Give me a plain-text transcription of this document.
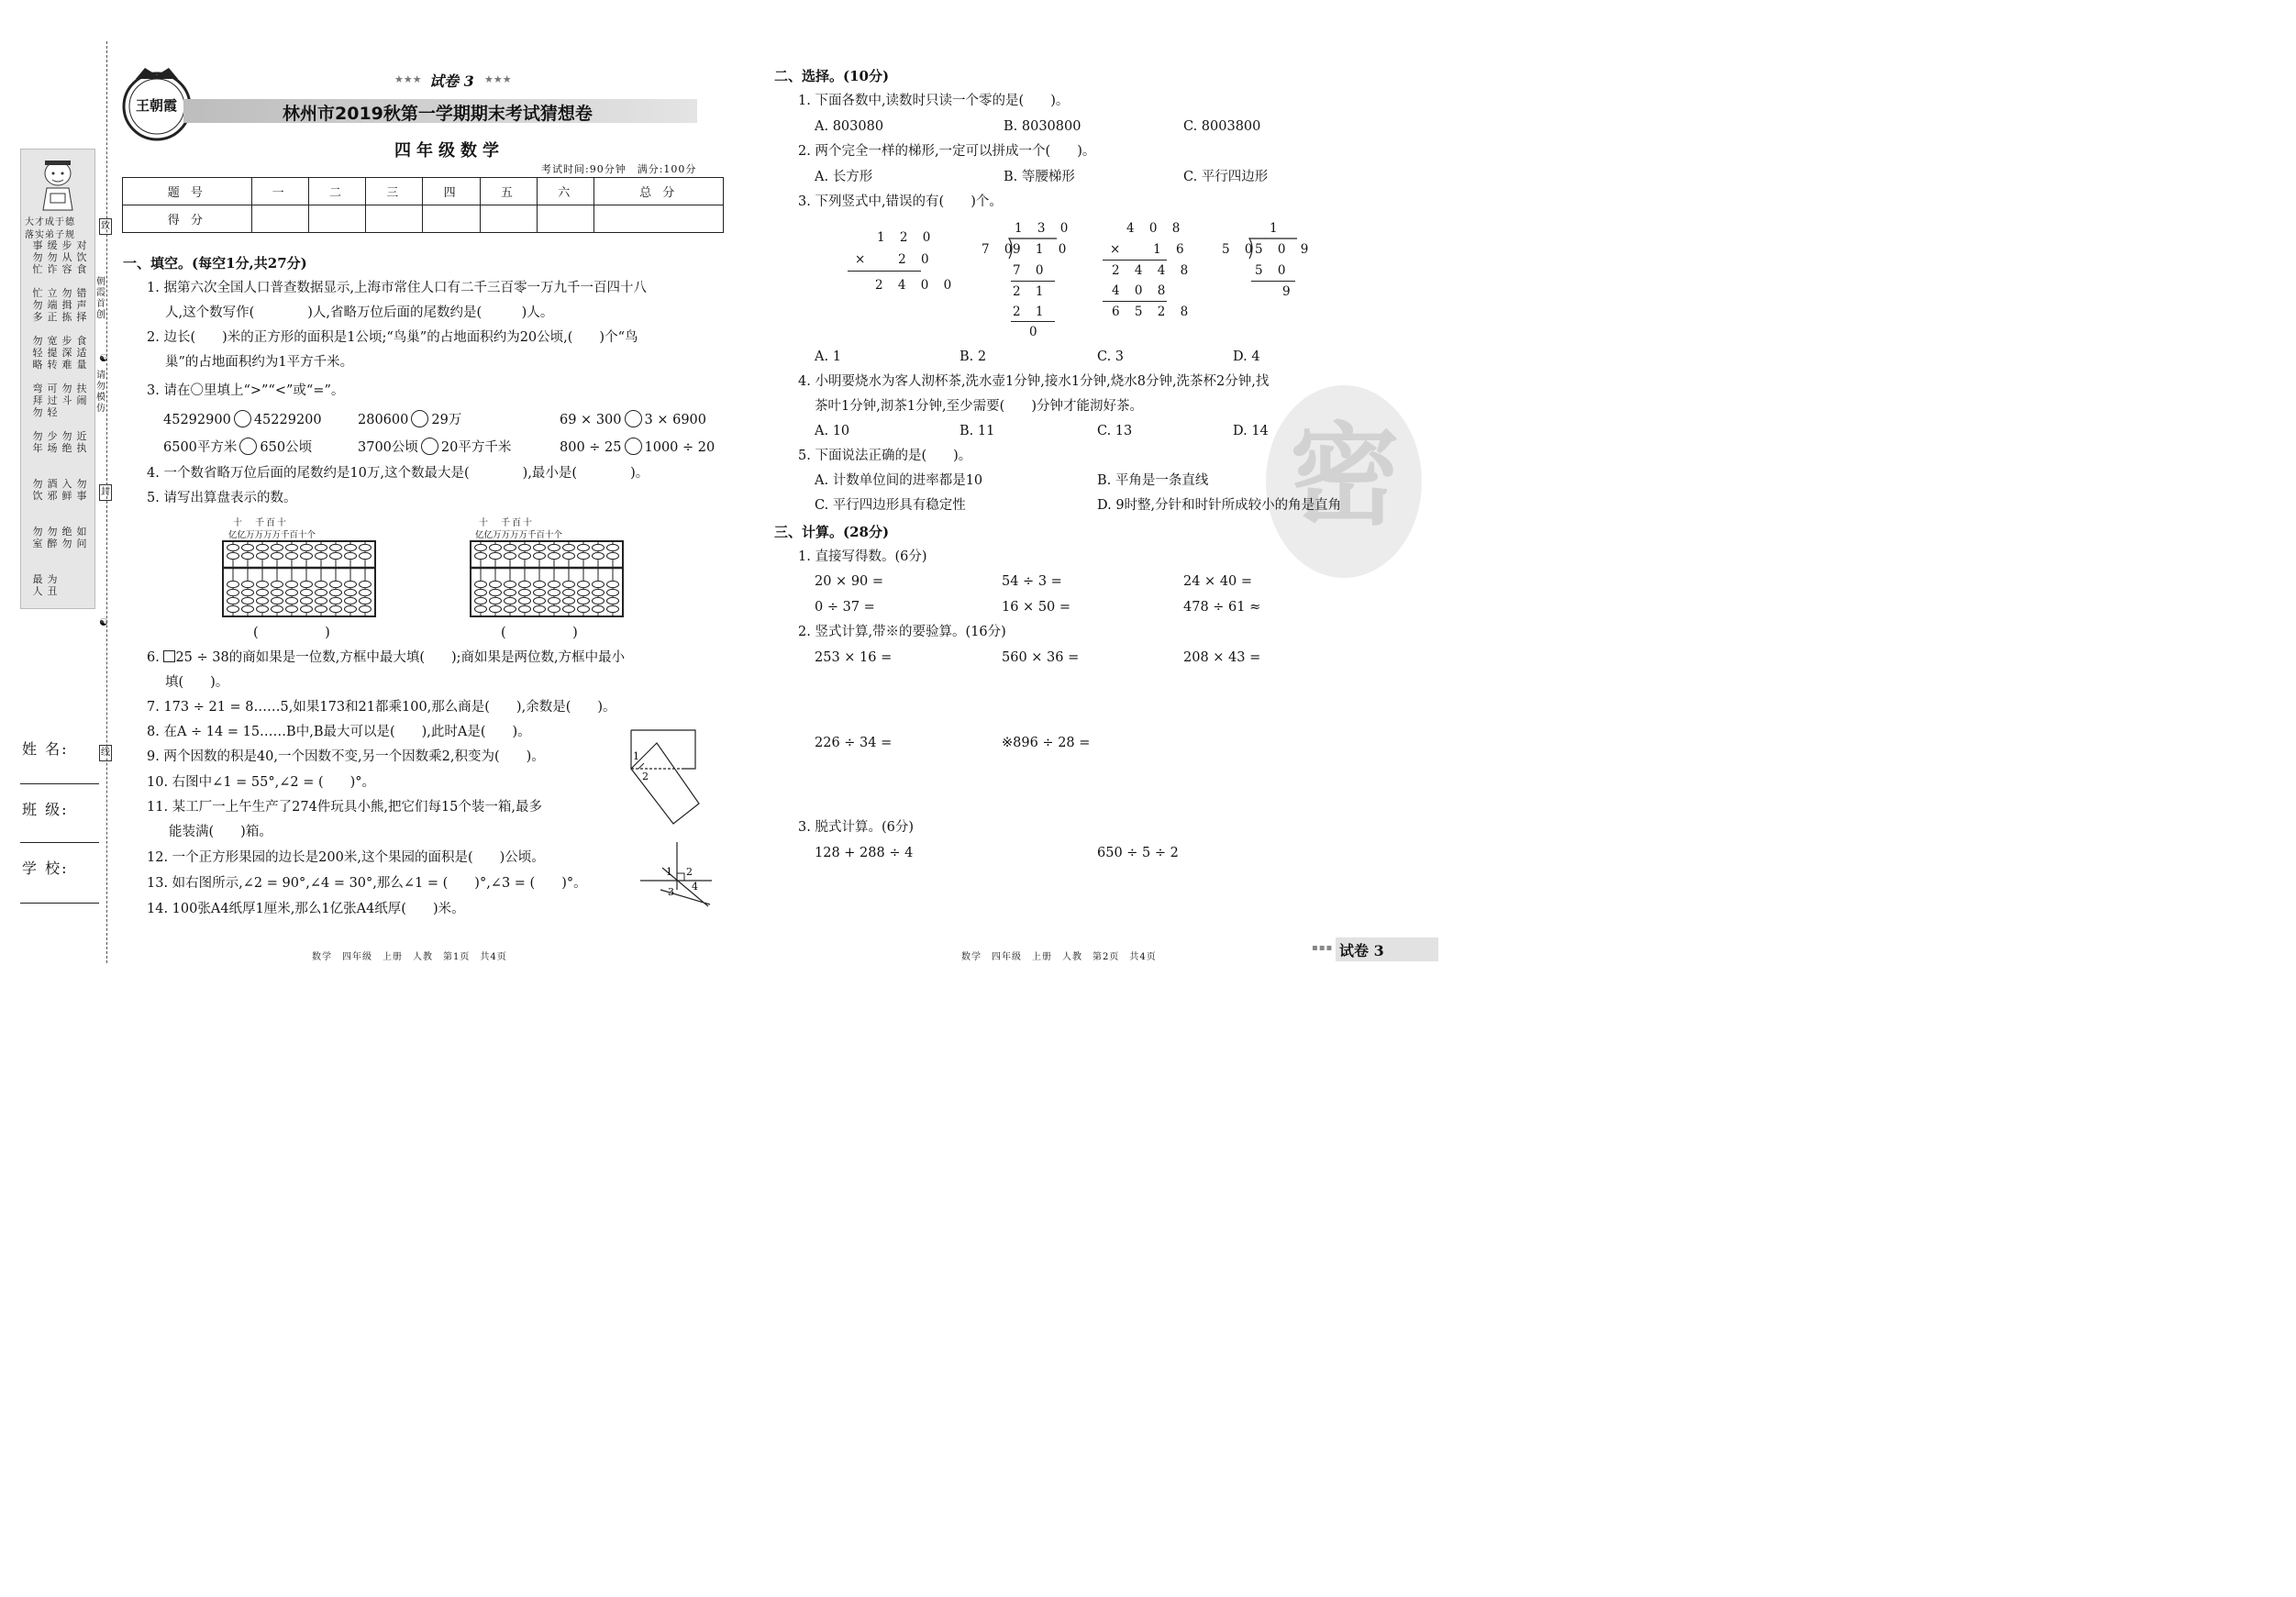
大才成于德
落实弟子规
事勿忙
缓勿诈
步从容
对饮食
忙勿多
立端正
勿揖拣
错声择
勿轻略
宽提转
步深难
食适量
弯拜勿
可过轻
勿斗
扶闹
勿年
少场
勿绝
近执
勿饮
酒邪
入鲜
勿事
勿室
勿醉
绝勿
如问
最人
为丑
致
朝霞首创
☯
请勿模仿
封
☯
线
姓 名:
班 级:
学 校:
王朝霞
★★★ 试卷 3 ★★★
林州市2019秋第一学期期末考试猜想卷
四年级数学
考试时间:90分钟　满分:100分
题 号	一	二	三	四	五	六	总 分
得 分							
一、填空。(每空1分,共27分)
1. 据第六次全国人口普查数据显示,上海市常住人口有二千三百零一万九千一百四十八
人,这个数写作(　　　　)人,省略万位后面的尾数约是(　　　)人。
2. 边长(　　)米的正方形的面积是1公顷;“鸟巢”的占地面积约为20公顷,(　　)个“鸟
巢”的占地面积约为1平方千米。
3. 请在〇里填上“>”“<”或“=”。
45292900 45229200	280600 29万	69 × 300 3 × 6900
6500平方米 650公顷	3700公顷 20平方千米	800 ÷ 25 1000 ÷ 20
4. 一个数省略万位后面的尾数约是10万,这个数最大是(　　　　),最小是(　　　　)。
5. 请写出算盘表示的数。
十　千百十
亿亿万万万万千百十个
(　　　　　)
十　千百十
亿亿万万万万千百十个
(　　　　　)
6. 25 ÷ 38的商如果是一位数,方框中最大填(　　);商如果是两位数,方框中最小
填(　　)。
7. 173 ÷ 21 = 8……5,如果173和21都乘100,那么商是(　　),余数是(　　)。
8. 在A ÷ 14 = 15……B中,B最大可以是(　　),此时A是(　　)。
9. 两个因数的积是40,一个因数不变,另一个因数乘2,积变为(　　)。
10. 右图中∠1 = 55°,∠2 = (　　)°。
11. 某工厂一上午生产了274件玩具小熊,把它们每15个装一箱,最多
能装满(　　)箱。
12. 一个正方形果园的边长是200米,这个果园的面积是(　　)公顷。
13. 如右图所示,∠2 = 90°,∠4 = 30°,那么∠1 = (　　)°,∠3 = (　　)°。
14. 100张A4纸厚1厘米,那么1亿张A4纸厚(　　)米。
1
2
1 2
3 4
数学　四年级　上册　人教　第1页　共4页
密
二、选择。(10分)
1. 下面各数中,读数时只读一个零的是(　　)。
A. 803080	B. 8030800	C. 8003800
2. 两个完全一样的梯形,一定可以拼成一个(　　)。
A. 长方形	B. 等腰梯形	C. 平行四边形
3. 下列竖式中,错误的有(　　)个。
1 2 0
× 　2 0
2 4 0 0
1 3 0
7 0
9 1 0
7 0
2 1
2 1
0
4 0 8
× 　1 6
2 4 4 8
4 0 8
6 5 2 8
1
5 0
5 0 9
5 0
9
A. 1	B. 2	C. 3	D. 4
4. 小明要烧水为客人沏杯茶,洗水壶1分钟,接水1分钟,烧水8分钟,洗茶杯2分钟,找
茶叶1分钟,沏茶1分钟,至少需要(　　)分钟才能沏好茶。
A. 10	B. 11	C. 13	D. 14
5. 下面说法正确的是(　　)。
A. 计数单位间的进率都是10	B. 平角是一条直线
C. 平行四边形具有稳定性	D. 9时整,分针和时针所成较小的角是直角
三、计算。(28分)
1. 直接写得数。(6分)
20 × 90 =	54 ÷ 3 =	24 × 40 =
0 ÷ 37 =	16 × 50 =	478 ÷ 61 ≈
2. 竖式计算,带※的要验算。(16分)
253 × 16 =	560 × 36 =	208 × 43 =
226 ÷ 34 =	※896 ÷ 28 =
3. 脱式计算。(6分)
128 + 288 ÷ 4	650 ÷ 5 ÷ 2
数学　四年级　上册　人教　第2页　共4页
▪▪▪ 试卷 3
